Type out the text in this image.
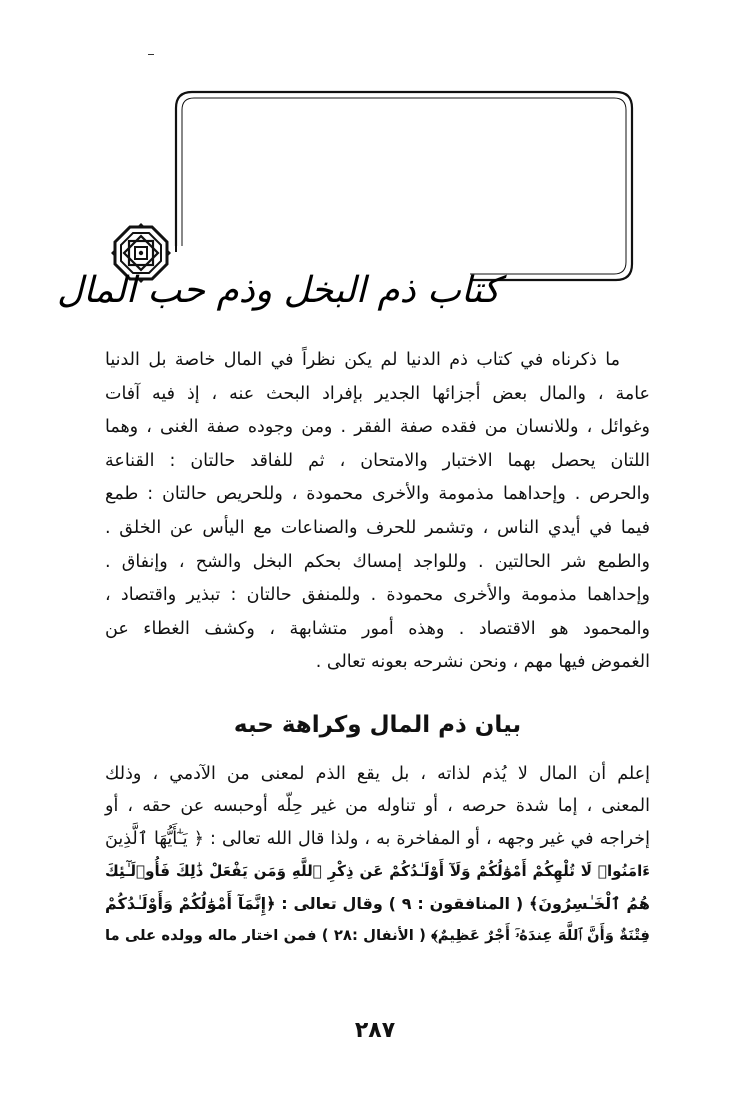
كتاب ذم البخل وذم حب المال
ما ذكرناه في كتاب ذم الدنيا لم يكن نظراً في المال خاصة بل الدنيا
عامة ، والمال بعض أجزائها الجدير بإفراد البحث عنه ، إذ فيه آفات
وغوائل ، وللانسان من فقده صفة الفقر . ومن وجوده صفة الغنى ، وهما
اللتان يحصل بهما الاختبار والامتحان ، ثم للفاقد حالتان : القناعة
والحرص . وإحداهما مذمومة والأخرى محمودة ، وللحريص حالتان : طمع
فيما في أيدي الناس ، وتشمر للحرف والصناعات مع اليأس عن الخلق .
والطمع شر الحالتين . وللواجد إمساك بحكم البخل والشح ، وإنفاق .
وإحداهما مذمومة والأخرى محمودة . وللمنفق حالتان : تبذير واقتصاد ،
والمحمود هو الاقتصاد . وهذه أمور متشابهة ، وكشف الغطاء عن
الغموض فيها مهم ، ونحن نشرحه بعونه تعالى .
بيان ذم المال وكراهة حبه
إعلم أن المال لا يُذم لذاته ، بل يقع الذم لمعنى من الآدمي ، وذلك
المعنى ، إما شدة حرصه ، أو تناوله من غير حِلّه أوحبسه عن حقه ، أو
إخراجه في غير وجهه ، أو المفاخرة به ، ولذا قال الله تعالى : ﴿ يَـٰٓأَيُّهَا ٱلَّذِينَ
ءَامَنُوا۟ لَا تُلْهِكُمْ أَمْوَٰلُكُمْ وَلَآ أَوْلَـٰدُكُمْ عَن ذِكْرِ ٱللَّهِ وَمَن يَفْعَلْ ذَٰلِكَ فَأُو۟لَـٰٓئِكَ
هُمُ ٱلْخَـٰسِرُونَ﴾ ( المنافقون : ٩ ) وقال تعالى : ﴿إِنَّمَآ أَمْوَٰلُكُمْ وَأَوْلَـٰدُكُمْ
فِتْنَةٌ وَأَنَّ ٱللَّهَ عِندَهُۥٓ أَجْرٌ عَظِيمٌ﴾ ( الأنفال :٢٨ ) فمن اختار ماله وولده على ما
٢٨٧
